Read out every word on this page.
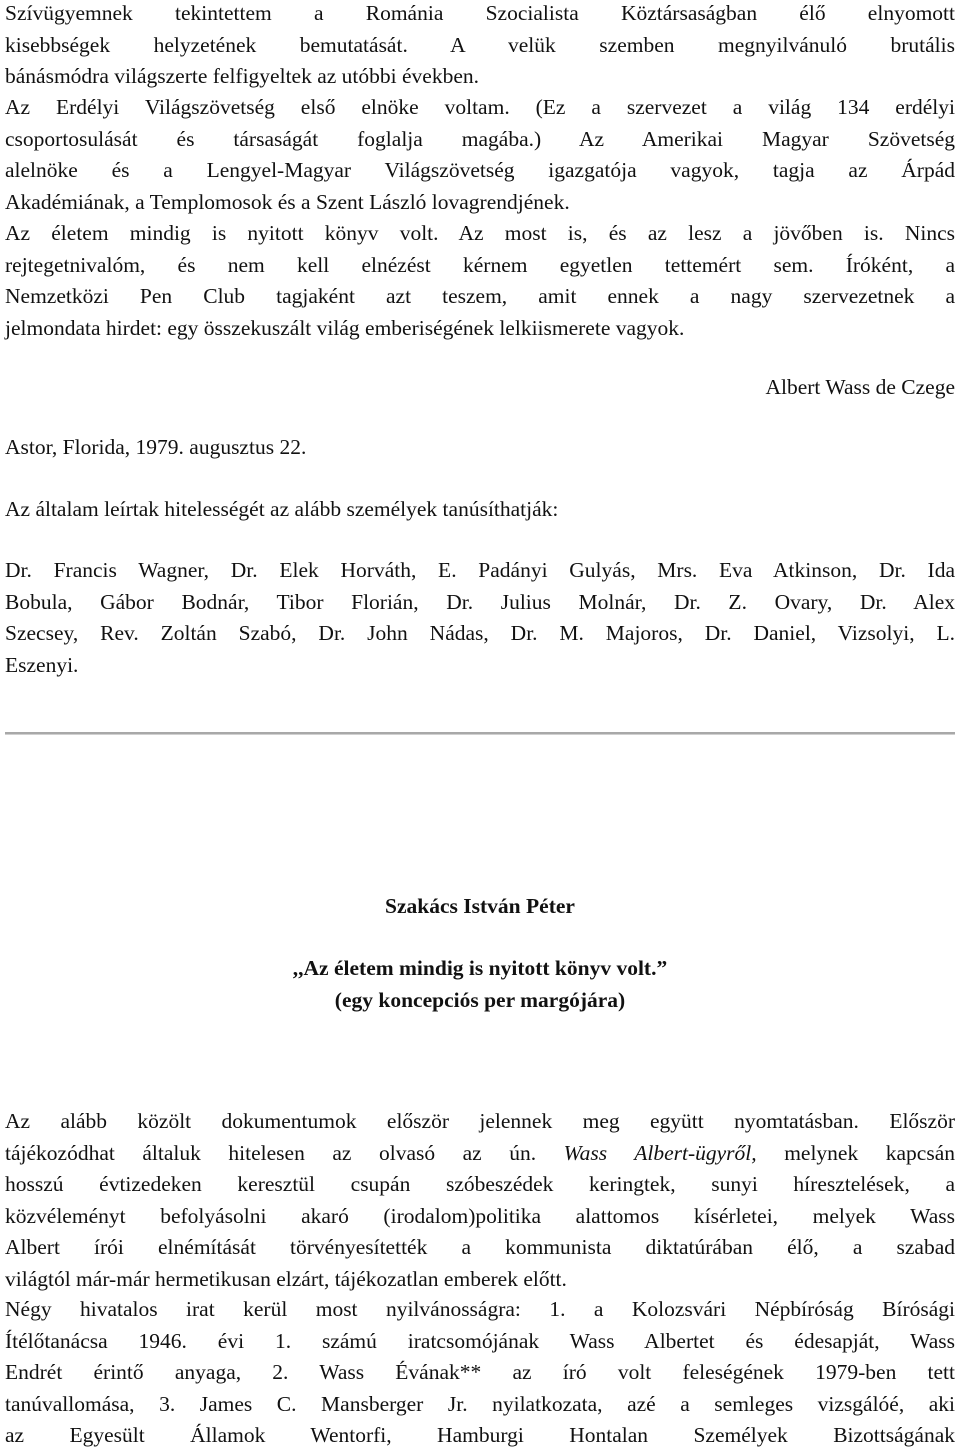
Szívügyemnek tekintettem a Románia Szocialista Köztársaságban élő elnyomott
kisebbségek helyzetének bemutatását. A velük szemben megnyilvánuló brutális
bánásmódra világszerte felfigyeltek az utóbbi években.
Az Erdélyi Világszövetség első elnöke voltam. (Ez a szervezet a világ 134 erdélyi
csoportosulását és társaságát foglalja magába.) Az Amerikai Magyar Szövetség
alelnöke és a Lengyel-Magyar Világszövetség igazgatója vagyok, tagja az Árpád
Akadémiának, a Templomosok és a Szent László lovagrendjének.
Az életem mindig is nyitott könyv volt. Az most is, és az lesz a jövőben is. Nincs
rejtegetnivalóm, és nem kell elnézést kérnem egyetlen tettemért sem. Íróként, a
Nemzetközi Pen Club tagjaként azt teszem, amit ennek a nagy szervezetnek a
jelmondata hirdet: egy összekuszált világ emberiségének lelkiismerete vagyok.
Albert Wass de Czege
Astor, Florida, 1979. augusztus 22.
Az általam leírtak hitelességét az alább személyek tanúsíthatják:
Dr. Francis Wagner, Dr. Elek Horváth, E. Padányi Gulyás, Mrs. Eva Atkinson, Dr. Ida
Bobula, Gábor Bodnár, Tibor Florián, Dr. Julius Molnár, Dr. Z. Ovary, Dr. Alex
Szecsey, Rev. Zoltán Szabó, Dr. John Nádas, Dr. M. Majoros, Dr. Daniel, Vizsolyi, L.
Eszenyi.
Szakács István Péter
,,Az életem mindig is nyitott könyv volt.”
(egy koncepciós per margójára)
Az alább közölt dokumentumok először jelennek meg együtt nyomtatásban. Először
tájékozódhat általuk hitelesen az olvasó az ún. Wass Albert-ügyről, melynek kapcsán
hosszú évtizedeken keresztül csupán szóbeszédek keringtek, sunyi híresztelések, a
közvéleményt befolyásolni akaró (irodalom)politika alattomos kísérletei, melyek Wass
Albert írói elnémítását törvényesítették a kommunista diktatúrában élő, a szabad
világtól már-már hermetikusan elzárt, tájékozatlan emberek előtt.
Négy hivatalos irat kerül most nyilvánosságra: 1. a Kolozsvári Népbíróság Bírósági
Ítélőtanácsa 1946. évi 1. számú iratcsomójának Wass Albertet és édesapját, Wass
Endrét érintő anyaga, 2. Wass Évának** az író volt feleségének 1979-ben tett
tanúvallomása, 3. James C. Mansberger Jr. nyilatkozata, azé a semleges vizsgálóé, aki
az Egyesült Államok Wentorfi, Hamburgi Hontalan Személyek Bizottságának
